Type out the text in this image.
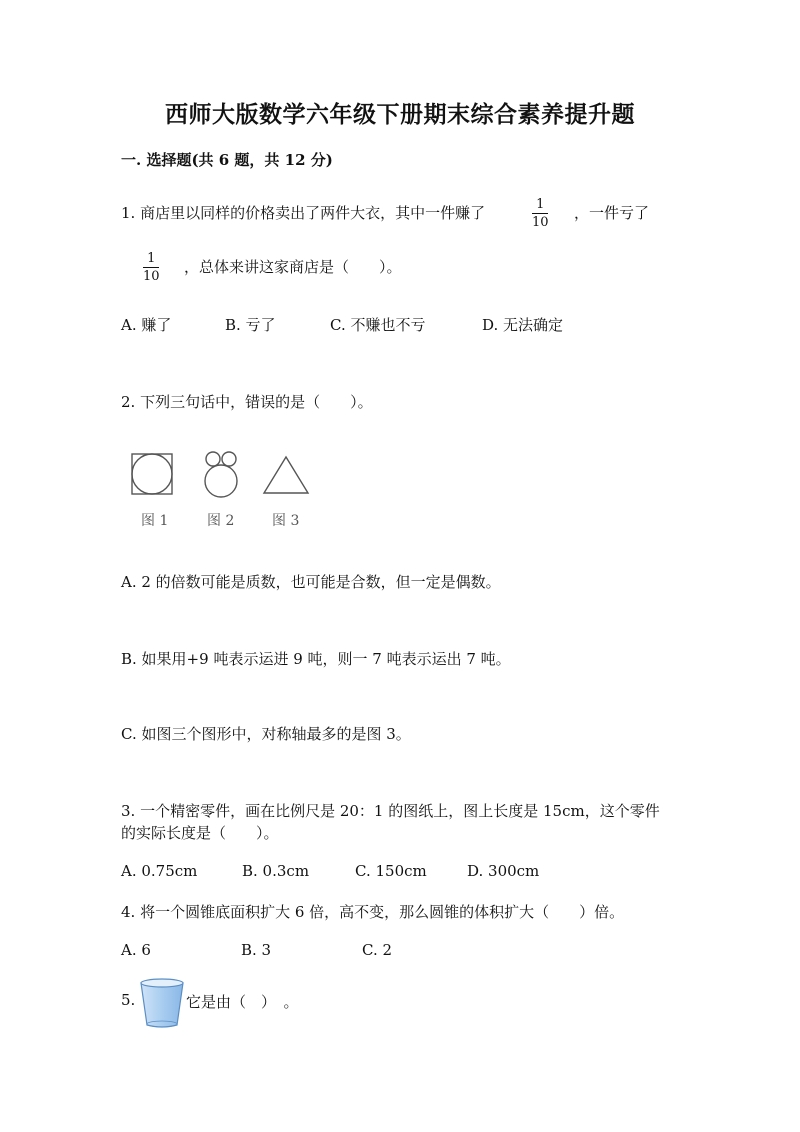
西师大版数学六年级下册期末综合素养提升题
一. 选择题(共 6 题，共 12 分)
1. 商店里以同样的价格卖出了两件大衣，其中一件赚了	$\frac{1}{10}$ ，一件亏了
$\frac{1}{10}$ ，总体来讲这家商店是（　　）。
A. 赚了	B. 亏了	C. 不赚也不亏	D. 无法确定
2. 下列三句话中，错误的是（　　）。
图 1	图 2	图 3
A. 2 的倍数可能是质数，也可能是合数，但一定是偶数。
B. 如果用+9 吨表示运进 9 吨，则一 7 吨表示运出 7 吨。
C. 如图三个图形中，对称轴最多的是图 3。
3. 一个精密零件，画在比例尺是 20：1 的图纸上，图上长度是 15cm，这个零件
的实际长度是（　　）。
A. 0.75cm	B. 0.3cm	C. 150cm	D. 300cm
4. 将一个圆锥底面积扩大 6 倍，高不变，那么圆锥的体积扩大（　　）倍。
A. 6	B. 3	C. 2
5.	它是由（　）　。
